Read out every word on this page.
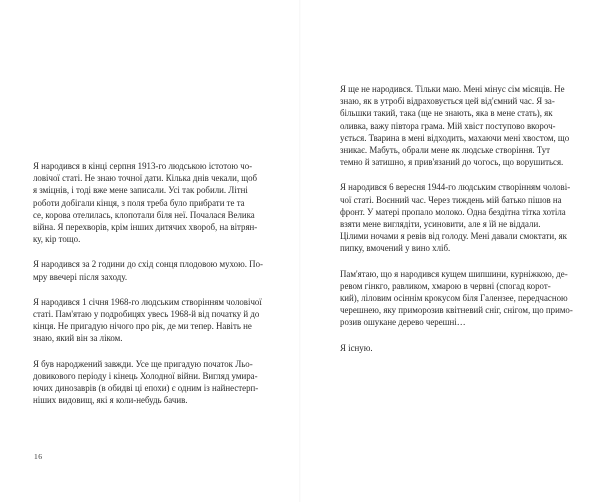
Я народився в кінці серпня 1913-го людською істотою чо-
ловічої статі. Не знаю точної дати. Кілька днів чекали, щоб
я зміцнів, і тоді вже мене записали. Усі так робили. Літні
роботи добігали кінця, з поля треба було прибрати те та
се, корова отелилась, клопотали біля неї. Почалася Велика
війна. Я перехворів, крім інших дитячих хвороб, на вітрян-
ку, кір тощо.

Я народився за 2 години до схід сонця плодовою мухою. По-
мру ввечері після заходу.

Я народився 1 січня 1968-го людським створінням чоловічої
статі. Пам'ятаю у подробицях увесь 1968-й від початку й до
кінця. Не пригадую нічого про рік, де ми тепер. Навіть не
знаю, який він за ліком.

Я був народжений завжди. Усе ще пригадую початок Льо-
довикового періоду і кінець Холодної війни. Вигляд умира-
ючих динозаврів (в обидві ці епохи) є одним із найнестерп-
ніших видовищ, які я коли-небудь бачив.

16

Я ще не народився. Тільки маю. Мені мінус сім місяців. Не
знаю, як в утробі відраховується цей від'ємний час. Я за-
більшки такий, така (ще не знають, яка в мене стать), як
оливка, важу півтора грама. Мій хвіст поступово вкороч-
ується. Тварина в мені відходить, махаючи мені хвостом, що
зникає. Мабуть, обрали мене як людське створіння. Тут
темно й затишно, я прив'язаний до чогось, що ворушиться.

Я народився 6 вересня 1944-го людським створінням чолові-
чої статі. Воєнний час. Через тиждень мій батько пішов на
фронт. У матері пропало молоко. Одна бездітна тітка хотіла
взяти мене виглядіти, усиновити, але я їй не віддали.
Цілими ночами я ревів від голоду. Мені давали смоктати, як
пипку, вмочений у вино хліб.

Пам'ятаю, що я народився кущем шипшини, курніжкою, де-
ревом гінкго, равликом, хмарою в червні (спогад корот-
кий), ліловим осіннім крокусом біля Галензее, передчасною
черешнею, яку приморозив квітневий сніг, снігом, що примо-
розив ошукане дерево черешні…

Я існую.
